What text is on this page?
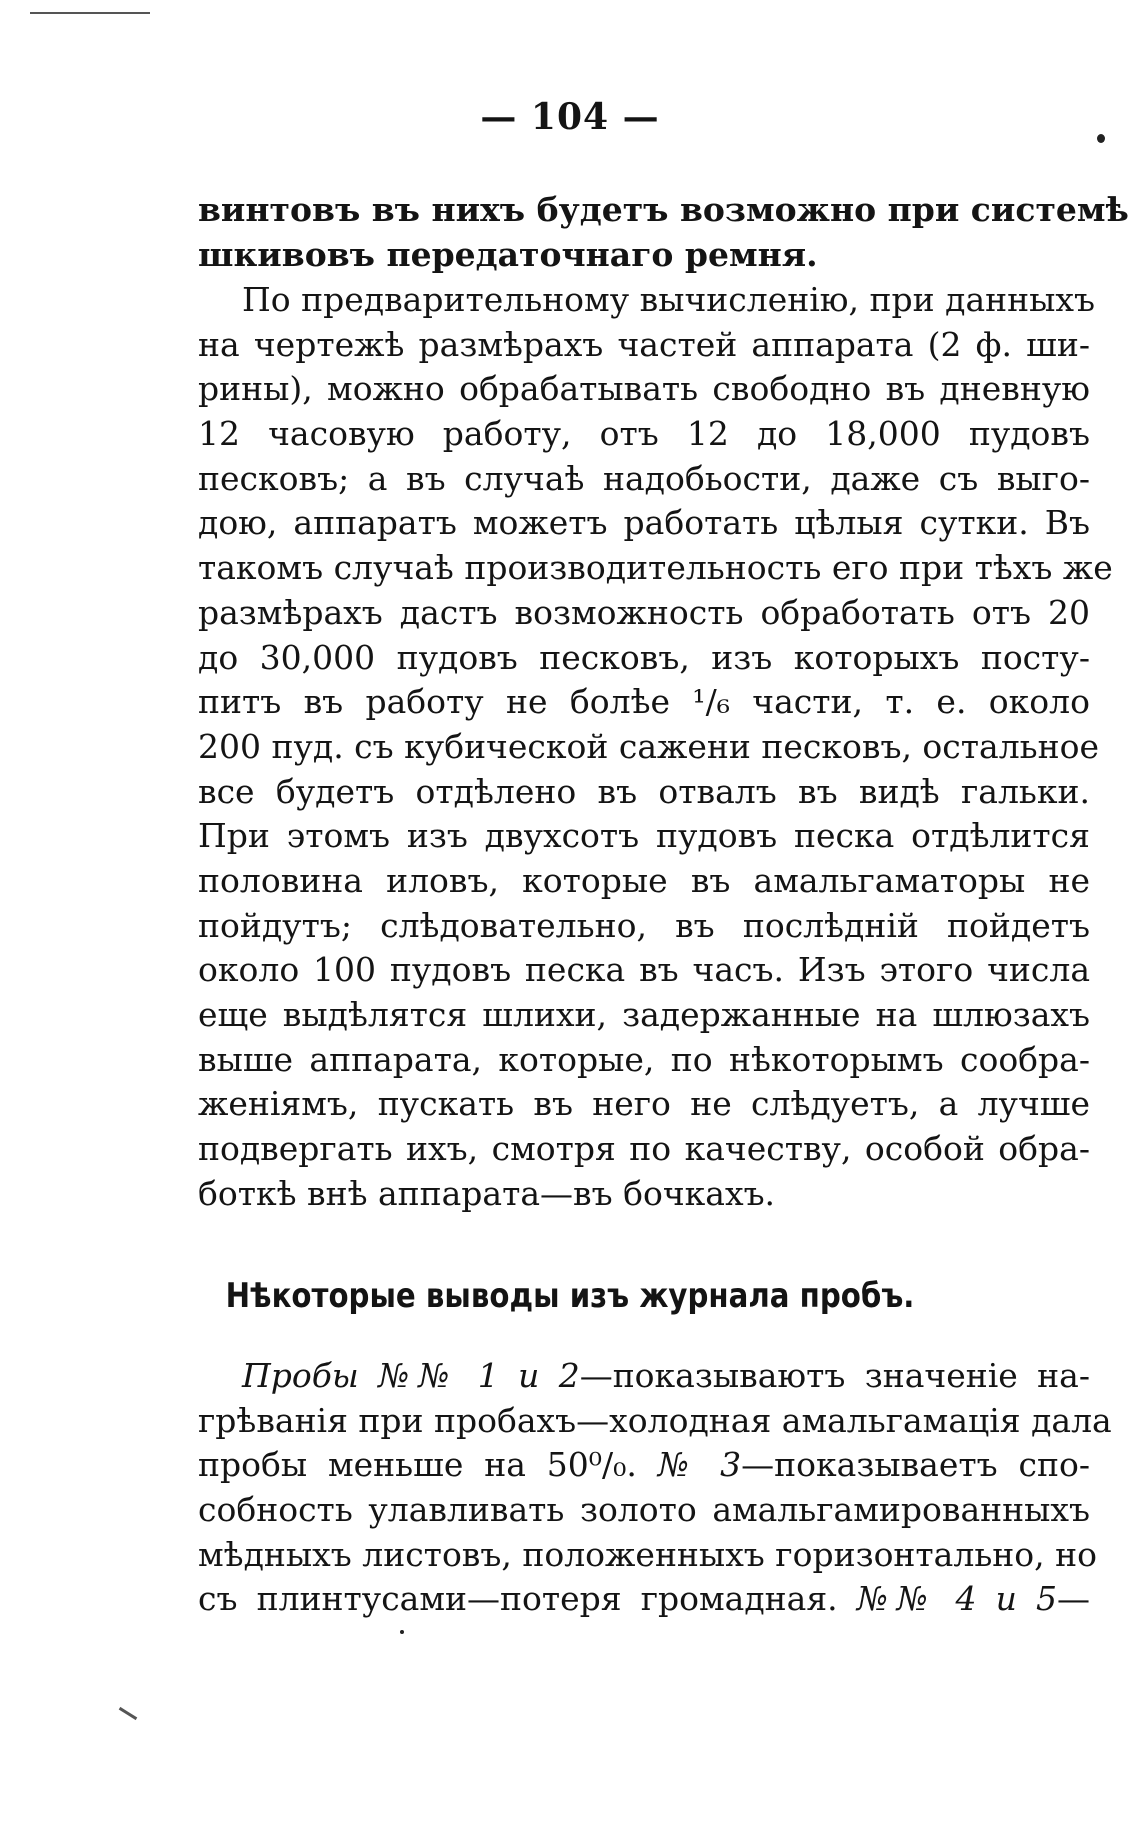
— 104 —
винтовъ въ нихъ будетъ возможно при системѣ
шкивовъ передаточнаго ремня.
По предварительному вычисленію, при данныхъ
на чертежѣ размѣрахъ частей аппарата (2 ф. ши-
рины), можно обрабатывать свободно въ дневную
12 часовую работу, отъ 12 до 18,000 пудовъ
песковъ; а въ случаѣ надобьости, даже съ выго-
дою, аппаратъ можетъ работать цѣлыя сутки. Въ
такомъ случаѣ производительность его при тѣхъ же
размѣрахъ дастъ возможность обработать отъ 20
до 30,000 пудовъ песковъ, изъ которыхъ посту-
питъ въ работу не болѣе ¹/₆ части, т. е. около
200 пуд. съ кубической сажени песковъ, остальное
все будетъ отдѣлено въ отвалъ въ видѣ гальки.
При этомъ изъ двухсотъ пудовъ песка отдѣлится
половина иловъ, которые въ амальгаматоры не
пойдутъ; слѣдовательно, въ послѣдній пойдетъ
около 100 пудовъ песка въ часъ. Изъ этого числа
еще выдѣлятся шлихи, задержанные на шлюзахъ
выше аппарата, которые, по нѣкоторымъ сообра-
женіямъ, пускать въ него не слѣдуетъ, а лучше
подвергать ихъ, смотря по качеству, особой обра-
боткѣ внѣ аппарата—въ бочкахъ.
Нѣкоторые выводы изъ журнала пробъ.
Пробы №№ 1 и 2—показываютъ значеніе на-
грѣванія при пробахъ—холодная амальгамація дала
пробы меньше на 50⁰/₀. № 3—показываетъ спо-
собность улавливать золото амальгамированныхъ
мѣдныхъ листовъ, положенныхъ горизонтально, но
съ плинтусами—потеря громадная. №№ 4 и 5—
